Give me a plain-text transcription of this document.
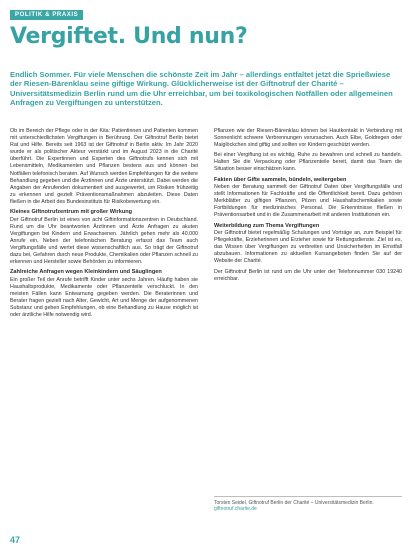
POLITIK & PRAXIS
Vergiftet. Und nun?

Endlich Sommer. Für viele Menschen die schönste Zeit im Jahr – allerdings entfaltet jetzt die Sprießwiese der Riesen-Bärenklau seine giftige Wirkung. Glücklicherweise ist der Giftnotruf der Charité – Universitätsmedizin Berlin rund um die Uhr erreichbar, um bei toxikologischen Notfällen oder allgemeinen Anfragen zu Vergiftungen zu unterstützen.

Ob im Bereich der Pflege oder in der Kita: Patientinnen und Patienten kommen mit unterschiedlichsten Vergiftungen in Berührung. Der Giftnotruf Berlin bietet Rat und Hilfe. Bereits seit 1963 ist der Giftnotruf in Berlin aktiv. Im Jahr 2020 wurde er als politischer Akteur verstärkt und im August 2023 in die Charité überführt. Die Expertinnen und Experten des Giftnotrufs kennen sich mit Lebensmitteln, Medikamenten und Pflanzen bestens aus und können bei Notfällen telefonisch beraten. Auf Wunsch werden Empfehlungen für die weitere Behandlung gegeben und die Ärztinnen und Ärzte unterstützt. Dabei werden die Angaben der Anrufenden dokumentiert und ausgewertet, um Risiken frühzeitig zu erkennen und gezielt Präventionsmaßnahmen abzuleiten. Diese Daten fließen in die Arbeit des Bundesinstituts für Risikobewertung ein.

Kleines Giftnotrufzentrum mit großer Wirkung

Der Giftnotruf Berlin ist eines von acht Giftinformationszentren in Deutschland. Rund um die Uhr beantworten Ärztinnen und Ärzte Anfragen zu akuten Vergiftungen bei Kindern und Erwachsenen. Jährlich gehen mehr als 40.000 Anrufe ein. Neben der telefonischen Beratung erfasst das Team auch Vergiftungsfälle und wertet diese wissenschaftlich aus. So trägt der Giftnotruf dazu bei, Gefahren durch neue Produkte, Chemikalien oder Pflanzen schnell zu erkennen und Hersteller sowie Behörden zu informieren.

Zahlreiche Anfragen wegen Kleinkindern und Säuglingen

Ein großer Teil der Anrufe betrifft Kinder unter sechs Jahren. Häufig haben sie Haushaltsprodukte, Medikamente oder Pflanzenteile verschluckt. In den meisten Fällen kann Entwarnung gegeben werden. Die Beraterinnen und Berater fragen gezielt nach Alter, Gewicht, Art und Menge der aufgenommenen Substanz und geben Empfehlungen, ob eine Behandlung zu Hause möglich ist oder ärztliche Hilfe notwendig wird.

Pflanzen wie der Riesen-Bärenklau können bei Hautkontakt in Verbindung mit Sonnenlicht schwere Verbrennungen verursachen. Auch Eibe, Goldregen oder Maiglöckchen sind giftig und sollten vor Kindern geschützt werden.

Bei einer Vergiftung ist es wichtig, Ruhe zu bewahren und schnell zu handeln. Halten Sie die Verpackung oder Pflanzenteile bereit, damit das Team die Situation besser einschätzen kann.

Fakten über Gifte sammeln, bündeln, weitergeben

Neben der Beratung sammelt der Giftnotruf Daten über Vergiftungsfälle und stellt Informationen für Fachkräfte und die Öffentlichkeit bereit. Dazu gehören Merkblätter zu giftigen Pflanzen, Pilzen und Haushaltschemikalien sowie Fortbildungen für medizinisches Personal. Die Erkenntnisse fließen in Präventionsarbeit und in die Zusammenarbeit mit anderen Institutionen ein.

Weiterbildung zum Thema Vergiftungen

Der Giftnotruf bietet regelmäßig Schulungen und Vorträge an, zum Beispiel für Pflegekräfte, Erzieherinnen und Erzieher sowie für Rettungsdienste. Ziel ist es, das Wissen über Vergiftungen zu verbreiten und Unsicherheiten im Ernstfall abzubauen. Informationen zu aktuellen Kursangeboten finden Sie auf der Website der Charité.

Der Giftnotruf Berlin ist rund um die Uhr unter der Telefonnummer 030 19240 erreichbar.

Torsten Seidel, Giftnotruf Berlin der Charité – Universitätsmedizin Berlin. giftnotruf.charite.de
47
